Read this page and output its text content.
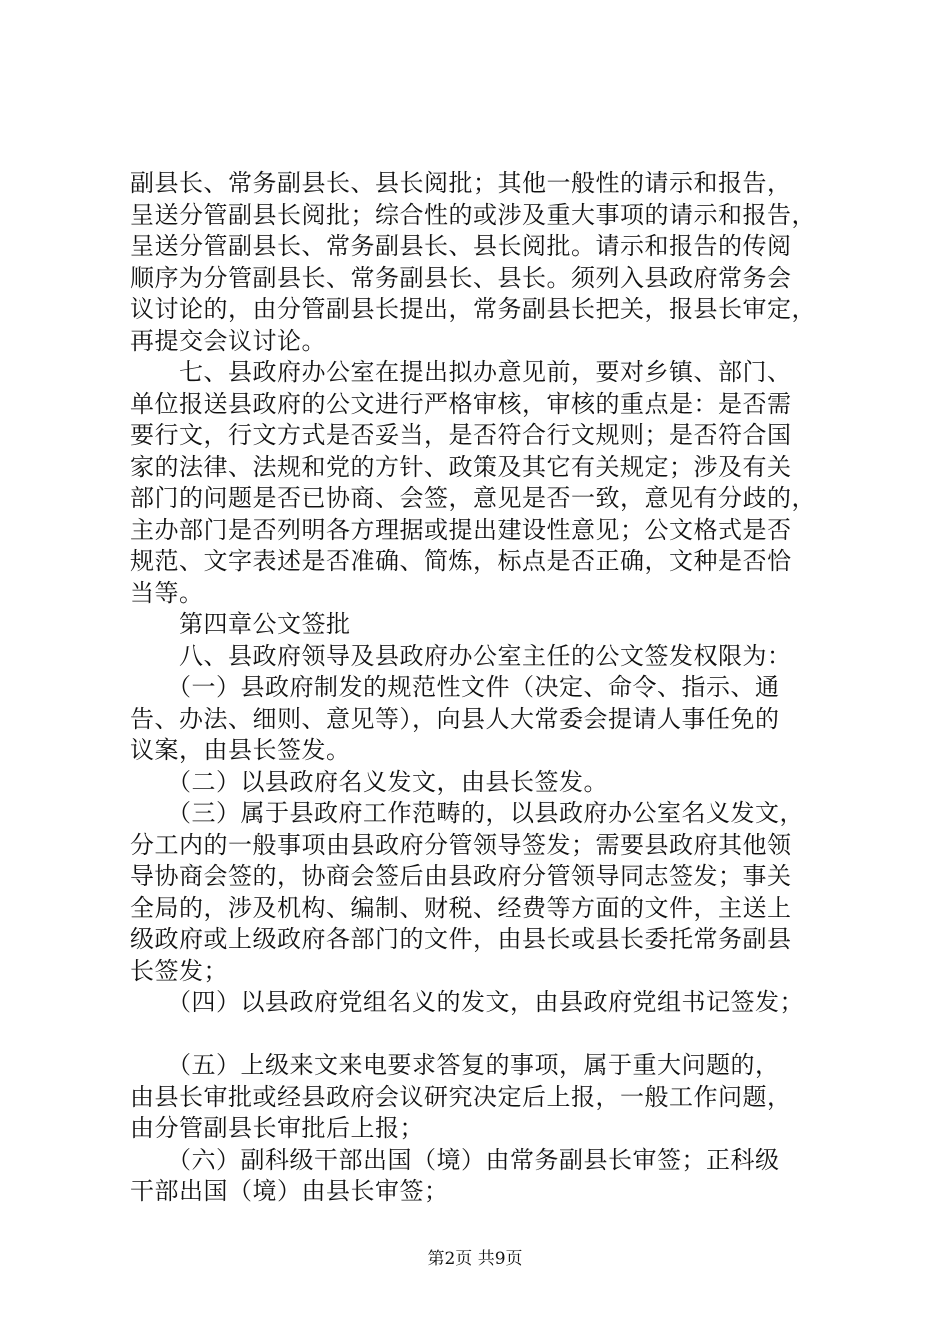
副县长、常务副县长、县长阅批；其他一般性的请示和报告，
呈送分管副县长阅批；综合性的或涉及重大事项的请示和报告，
呈送分管副县长、常务副县长、县长阅批。请示和报告的传阅
顺序为分管副县长、常务副县长、县长。须列入县政府常务会
议讨论的，由分管副县长提出，常务副县长把关，报县长审定，
再提交会议讨论。
　　七、县政府办公室在提出拟办意见前，要对乡镇、部门、
单位报送县政府的公文进行严格审核，审核的重点是：是否需
要行文，行文方式是否妥当，是否符合行文规则；是否符合国
家的法律、法规和党的方针、政策及其它有关规定；涉及有关
部门的问题是否已协商、会签，意见是否一致，意见有分歧的，
主办部门是否列明各方理据或提出建设性意见；公文格式是否
规范、文字表述是否准确、简炼，标点是否正确，文种是否恰
当等。
　　第四章公文签批
　　八、县政府领导及县政府办公室主任的公文签发权限为：
　　（一）县政府制发的规范性文件（决定、命令、指示、通
告、办法、细则、意见等），向县人大常委会提请人事任免的
议案，由县长签发。
　　（二）以县政府名义发文，由县长签发。
　　（三）属于县政府工作范畴的，以县政府办公室名义发文，
分工内的一般事项由县政府分管领导签发；需要县政府其他领
导协商会签的，协商会签后由县政府分管领导同志签发；事关
全局的，涉及机构、编制、财税、经费等方面的文件，主送上
级政府或上级政府各部门的文件，由县长或县长委托常务副县
长签发；
　　（四）以县政府党组名义的发文，由县政府党组书记签发；
　　（五）上级来文来电要求答复的事项，属于重大问题的，
由县长审批或经县政府会议研究决定后上报，一般工作问题，
由分管副县长审批后上报；
　　（六）副科级干部出国（境）由常务副县长审签；正科级
干部出国（境）由县长审签；
第2页 共9页
